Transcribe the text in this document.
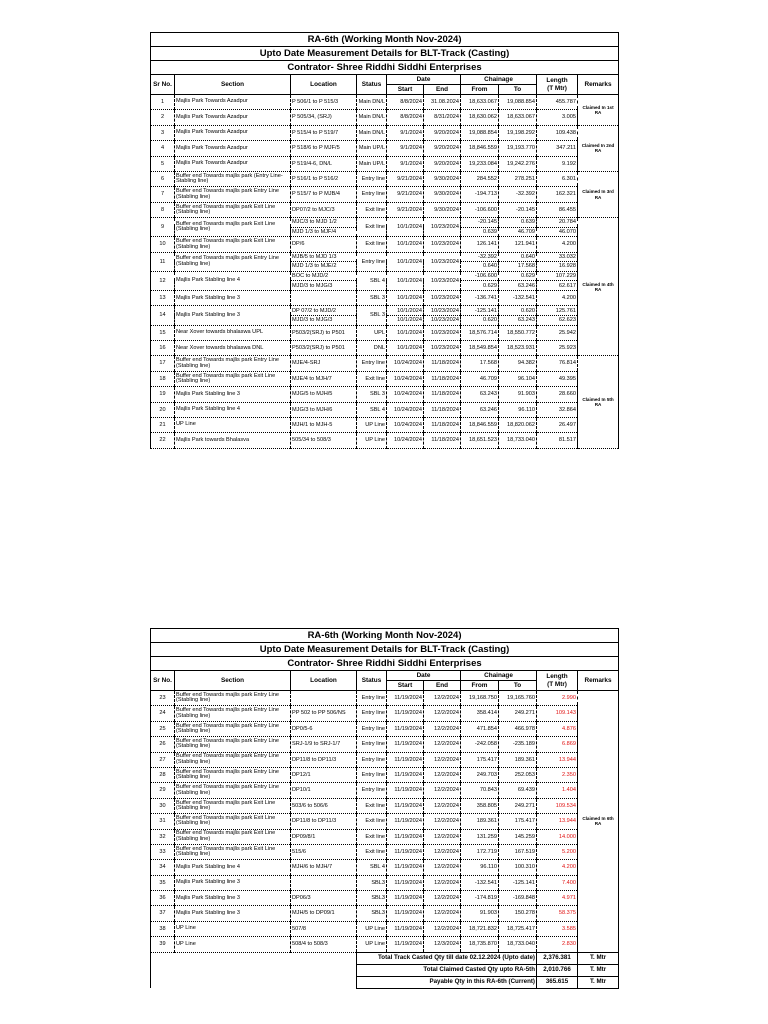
RA-6th (Working Month Nov-2024)									
Upto Date Measurement Details for BLT-Track (Casting)									
Contrator- Shree Riddhi Siddhi Enterprises									
Sr No.	Section	Location	Status	Date		Chainage		Length
(T Mtr)	Remarks
				Start	End	From	To		
1	Majlis Park Towards Azadpur	P 506/1 to P 515/3	Main DN/L	8/8/2024	31.08.2024	18,633.067	19,088.854	455.787	Claimed In 1st RA
2	Majlis Park Towards Azadpur	P 505/34, (SRJ)	Main DN/L	8/8/2024	8/31/2024	18,630.062	18,633.067	3.005	
3	Majlis Park Towards Azadpur	P 515/4 to P 519/7	Main DN/L	9/1/2024	9/20/2024	19,088.854	19,198.292	109.438	Claimed In 2nd RA
4	Majlis Park Towards Azadpur	P 518/6 to P MJF/5	Main UP/L	9/1/2024	9/20/2024	18,846.559	19,193.770	347.211	
5	Majlis Park Towards Azadpur	P 519/4-6, DN/L	Main UP/L	9/1/2024	9/20/2024	19,233.084	19,242.276	9.192	
6	Buffer end Towards majlis park (Entry Line-Stabling line)	P 516/1 to P 516/2	Entry line	9/21/2024	9/30/2024	284.552	278.251	6.301	Claimed In 3rd RA
7	Buffer end Towards majlis park Entry Line (Stabling line)	P 515/7 to P MJB/4	Entry line	9/21/2024	9/30/2024	-194.713	-32.392	162.321	
8	Buffer end Towards majlis park Exit Line (Stabling line)	DP07/2 to MJC/3	Exit line	9/21/2024	9/30/2024	-106.600	-20.145	86.455	
9	Buffer end Towards majlis park Exit Line (Stabling line)	MJC/3 to MJD 1/2	Exit line	10/1/2024	10/23/2024	-20.145	0.639	20.784	Claimed In 4th RA
		MJD 1/3 to MJF/4				0.639	46.709	46.070	
10	Buffer end Towards majlis park Exit Line (Stabling line)	DP/6	Exit line	10/1/2024	10/23/2024	126.141	121.941	4.200	
11	Buffer end Towards majlis park Entry Line (Stabling line)	MJB/5 to MJD 1/3	Entry line	10/1/2024	10/23/2024	-32.392	0.640	33.032	
		MJD 1/3 to MJE/2				0.640	17.568	16.928	
12	Majlis Park Stabling line 4	BOC to MJD/2	SBL 4	10/1/2024	10/23/2024	-106.600	0.629	107.229	
		MJD/3 to MJG/3				0.629	63.246	62.617	
13	Majlis Park Stabling line 3		SBL 3	10/1/2024	10/23/2024	-136.741	-132.541	4.200	
14	Majlis Park Stabling line 3	DP 07/2 to MJD/2	SBL 3	10/1/2024	10/23/2024	-125.141	0.620	125.761	
		MJD/3 to MJG/3		10/1/2024	10/23/2024	0.620	63.243	62.623	
15	Near Xover towards bhalaswa UPL	P503/2(SRJ) to P501	UPL	10/1/2024	10/23/2024	18,576.714	18,550.772	25.942	
16	Near Xover towards bhalaswa DNL	P503/2(SRJ) to P501	DNL	10/1/2024	10/23/2024	18,549.854	18,523.931	25.923	
17	Buffer end Towards majlis park Entry Line (Stabling line)	MJE/4-SRJ	Entry line	10/24/2024	11/18/2024	17.568	94.382	76.814	Claimed In 5th RA
18	Buffer end Towards majlis park Exit Line (Stabling line)	MJE/4 to MJH/7	Exit line	10/24/2024	11/18/2024	46.709	96.104	49.395	
19	Majlis Park Stabling line 3	MJG/5 to MJH/5	SBL 3	10/24/2024	11/18/2024	63.243	91.903	28.660	
20	Majlis Park Stabling line 4	MJG/3 to MJH/6	SBL 4	10/24/2024	11/18/2024	63.246	96.110	32.864	
21	UP Line	MJH/1 to MJH-5	UP Line	10/24/2024	11/18/2024	18,846.559	18,820.062	26.497	
22	Majlis Park towards Bhalasva	505/34 to 508/3	UP Line	10/24/2024	11/18/2024	18,651.523	18,733.040	81.517	
RA-6th (Working Month Nov-2024)									
Upto Date Measurement Details for BLT-Track (Casting)									
Contrator- Shree Riddhi Siddhi Enterprises									
Sr No.	Section	Location	Status	Date		Chainage		Length
(T Mtr)	Remarks
				Start	End	From	To		
23	Buffer end Towards majlis park Entry Line (Stabling line)		Entry line	11/19/2024	12/2/2024	19,168.750	19,165.760	2.990	Claimed In 6th RA
24	Buffer end Towards majlis park Entry Line (Stabling line)	PP 502 to PP 506/NS	Entry line	11/19/2024	12/2/2024	358.414	249.271	109.143	
25	Buffer end Towards majlis park Entry Line (Stabling line)	DP0/5-6	Entry line	11/19/2024	12/2/2024	471.854	466.978	4.876	
26	Buffer end Towards majlis park Entry Line (Stabling line)	SRJ-1/9 to SRJ-1/7	Entry line	11/19/2024	12/2/2024	-242.058	-235.189	6.869	
27	Buffer end Towards majlis park Entry Line (Stabling line)	DP11/8 to DP11/3	Entry line	11/19/2024	12/2/2024	175.417	189.361	13.944	
28	Buffer end Towards majlis park Entry Line (Stabling line)	DP12/1	Entry line	11/19/2024	12/2/2024	249.703	252.053	2.350	
29	Buffer end Towards majlis park Entry Line (Stabling line)	DP10/1	Entry line	11/19/2024	12/2/2024	70.843	69.439	1.404	
30	Buffer end Towards majlis park Exit Line (Stabling line)	503/6 to 506/6	Exit line	11/19/2024	12/2/2024	358.805	249.271	109.534	
31	Buffer end Towards majlis park Exit Line (Stabling line)	DP11/8 to DP11/3	Exit line	11/19/2024	12/2/2024	189.361	175.417	13.944	
32	Buffer end Towards majlis park Exit Line (Stabling line)	DP09/8/1	Exit line	11/19/2024	12/2/2024	131.259	145.259	14.000	
33	Buffer end Towards majlis park Exit Line (Stabling line)	515/6	Exit line	11/19/2024	12/2/2024	172.719	167.519	5.200	
34	Majlis Park Stabling line 4	MJH/6 to MJH/7	SBL 4	11/19/2024	12/2/2024	96.110	100.310	4.200	
35	Majlis Park Stabling line 3		SBL3	11/19/2024	12/2/2024	-132.541	-125.141	7.400	
36	Majlis Park Stabling line 3	DP06/3	SBL3	11/19/2024	12/2/2024	-174.819	-169.848	4.971	
37	Majlis Park Stabling line 3	MJH/5 to DP09/1	SBL3	11/19/2024	12/2/2024	91.903	150.278	58.375	
38	UP Line	507/8	UP Line	11/19/2024	12/2/2024	18,721.832	18,725.417	3.585	
39	UP Line	508/4 to 508/3	UP Line	11/19/2024	12/3/2024	18,735.870	18,733.040	2.830	
			Total Track Casted Qty till date 02.12.2024 (Upto date)					2,376.381	T. Mtr
			Total Claimed Casted Qty upto RA-5th					2,010.766	T. Mtr
			Payable Qty in this RA-6th (Current)					365.615	T. Mtr
